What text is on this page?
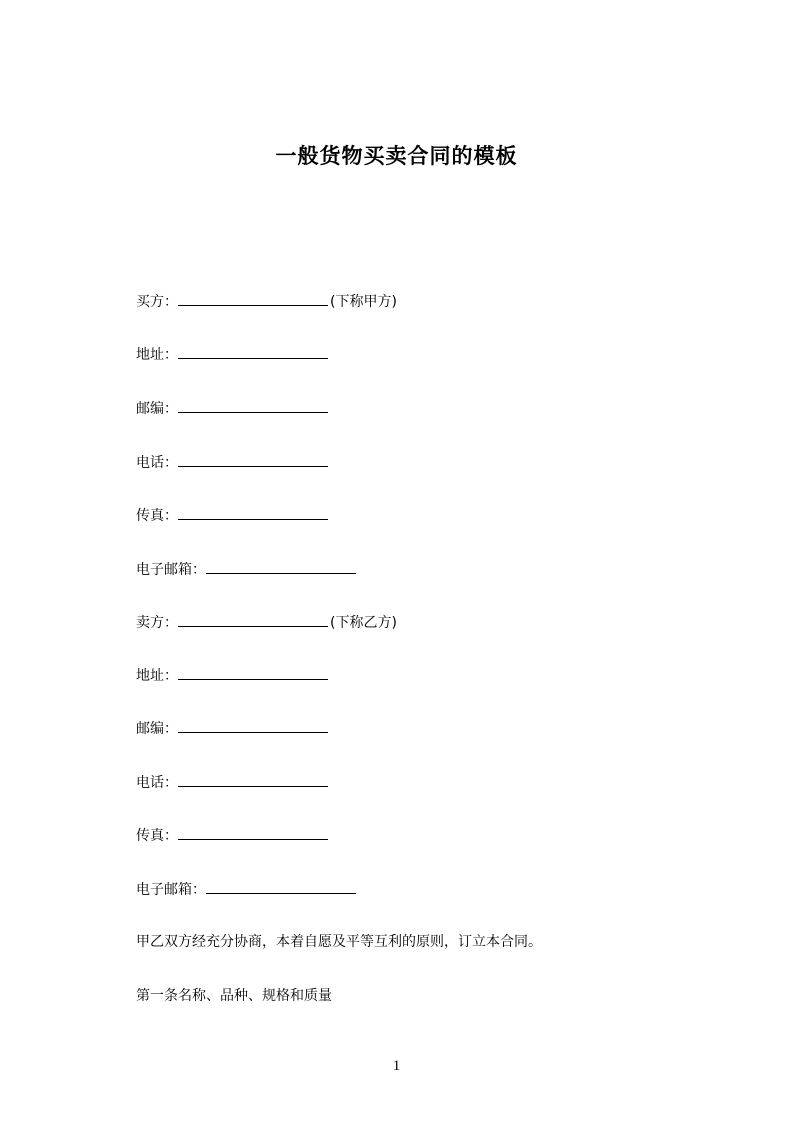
一般货物买卖合同的模板
买方：	(下称甲方)
地址：
邮编：
电话：
传真：
电子邮箱：
卖方：	(下称乙方)
地址：
邮编：
电话：
传真：
电子邮箱：
甲乙双方经充分协商，本着自愿及平等互利的原则，订立本合同。
第一条名称、品种、规格和质量
1
